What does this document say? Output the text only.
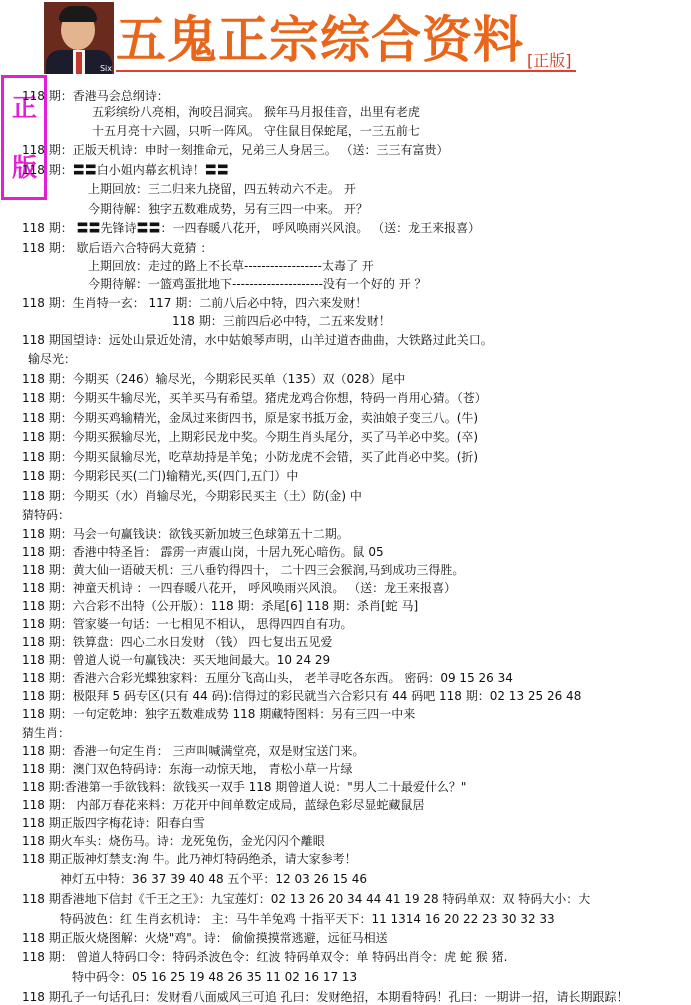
Six 五鬼正宗综合资料 [正版]
正
版
118 期：香港马会总纲诗：
五彩缤纷八亮相，洵咬吕洞宾。 猴年马月报佳音，出里有老虎
十五月亮十六圆，只听一阵风。 守住鼠目保蛇尾，一三五前七
118 期：正版天机诗：申时一刻推命元，兄弟三人身居三。 （送：三三有富贵）
118 期：〓〓白小姐内幕玄机诗！〓〓
上期回放：三二归来九挠留，四五转动六不走。 开
今期待解：独字五数难成势，另有三四一中来。 开？
118 期： 〓〓先锋诗〓〓：一四春暖八花开， 呼风唤雨兴风浪。 （送：龙王来报喜）
118 期： 歇后语六合特码大竟猜 ：
上期回放：走过的路上不长草------------------太毒了 开
今期待解：一篮鸡蛋批地下---------------------没有一个好的 开 ？
118 期：生肖特一玄： 117 期：二前八后必中特，四六来发财！
118 期：三前四后必中特，二五来发财！
118 期国望诗：远处山景近处清，水中姑娘琴声明，山羊过道杏曲曲，大铁路过此关口。
输尽光：
118 期：今期买（246）输尽光，今期彩民买单（135）双（028）尾中
118 期：今期买牛输尽光，买羊买马有希望。猪虎龙鸡合你想，特码一肖用心猜。（苍）
118 期：今期买鸡输精光，金凤过来街四书，原是家书抵万金，卖油娘子变三八。(牛)
118 期：今期买猴输尽光，上期彩民龙中奖。今期生肖头尾分，买了马羊必中奖。(卒)
118 期：今期买鼠输尽光，吃草劫持是羊兔；小防龙虎不会错，买了此肖必中奖。(折)
118 期：今期彩民买(二门)输精光,买(四门,五门）中
118 期：今期买（水）肖输尽光，今期彩民买主（土）防(金) 中
猜特码：
118 期：马会一句赢钱诀：欲钱买新加坡三色球第五十二期。
118 期：香港中特圣旨： 霹雳一声震山岗，十居九死心暗伤。鼠 05
118 期：黄大仙一语破天机：三八垂钓得四十， 二十四三会猴润,马到成功三得胜。
118 期：神童天机诗 ：一四春暖八花开， 呼风唤雨兴风浪。 （送：龙王来报喜）
118 期：六合彩不出特（公开版）：118 期：杀尾[6] 118 期：杀肖[蛇 马]
118 期：管家婆一句话：一七相见不相认， 思得四四自有功。
118 期：铁算盘：四心二水日发财 （钱） 四七复出五见爱
118 期：曾道人说一句赢钱决：买天地间最大。10 24 29
118 期：香港六合彩光蝶独家料：五厘分飞高山头， 老羊寻吃各东西。 密码：09 15 26 34
118 期：极限拜 5 码专区(只有 44 码):信得过的彩民就当六合彩只有 44 码吧 118 期：02 13 25 26 48
118 期：一句定乾坤：独字五数难成势 118 期藏特图料：另有三四一中来
猜生肖：
118 期：香港一句定生肖： 三声叫喊满堂亮，双是财宝送门来。
118 期：澳门双色特码诗：东海一动惊天地， 青松小草一片绿
118 期:香港第一手欲钱料：欲钱买一双手 118 期曾道人说："男人二十最爱什么？"
118 期： 内部万春花来料：万花开中间单数定成局，蓝绿色彩尽显蛇藏鼠居
118 期正版四字梅花诗：阳春白雪
118 期火车头：烧伤马。诗：龙死兔伤，金光闪闪个離眼
118 期正版神灯禁支:洵 牛。此乃神灯特码绝杀，请大家参考！
神灯五中特：36 37 39 40 48 五个平：12 03 26 15 46
118 期香港地下信封《千王之王》：九宝莲灯：02 13 26 20 34 44 41 19 28 特码单双：双 特码大小：大
特码波色：红 生肖玄机诗： 主：马牛羊兔鸡 十指平天下：11 1314 16 20 22 23 30 32 33
118 期正版火烧图解：火烧"鸡"。诗： 偷偷摸摸常逃避，远征马相送
118 期： 曾道人特码口令：特码杀波色令：红波 特码单双令：单 特码出肖令：虎 蛇 猴 猪.
特中码令：05 16 25 19 48 26 35 11 02 16 17 13
118 期孔子一句话孔曰：发财看八面威风三可追 孔曰：发财绝招，本期看特码！孔曰：一期讲一招，请长期跟踪！
